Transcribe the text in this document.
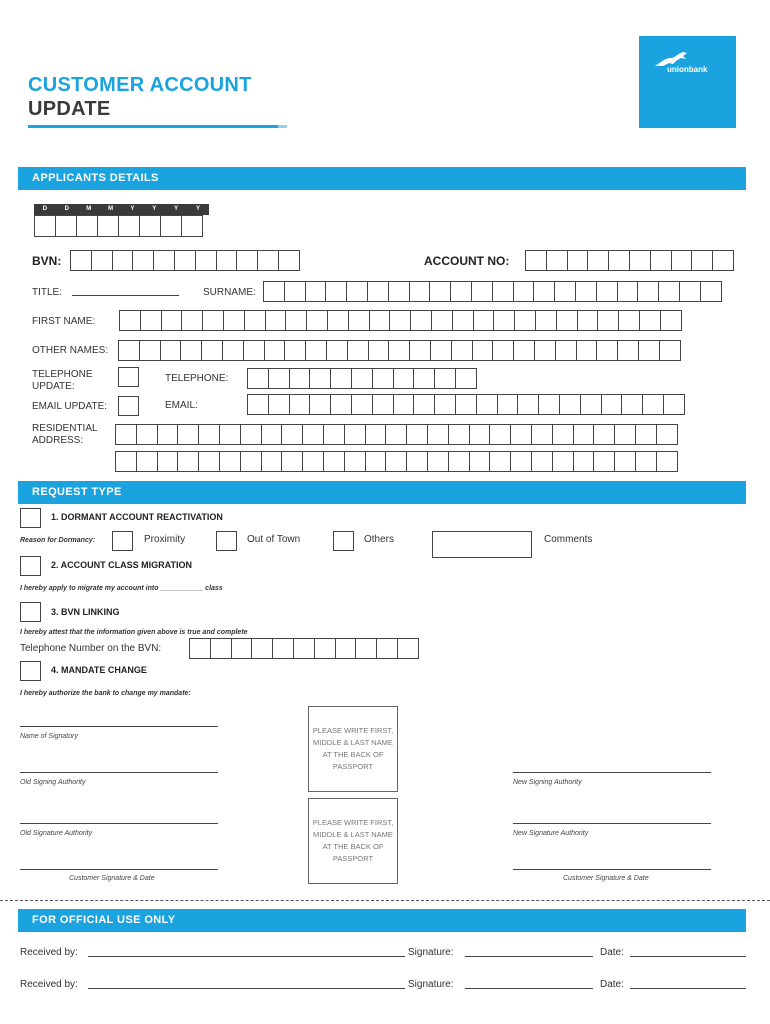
CUSTOMER ACCOUNT
UPDATE
unionbank
APPLICANTS DETAILS
D	D	M	M	Y	Y	Y	Y
BVN:	ACCOUNT NO:
TITLE:	SURNAME:
FIRST NAME:
OTHER NAMES:
TELEPHONE UPDATE:
TELEPHONE:
EMAIL UPDATE:	EMAIL:
RESIDENTIAL ADDRESS:
REQUEST TYPE
1. DORMANT ACCOUNT REACTIVATION
Reason for Dormancy:	Proximity	Out of Town	Others	Comments
2. ACCOUNT CLASS MIGRATION
I hereby apply to migrate my account into ___________ class
3. BVN LINKING
I hereby attest that the information given above is true and complete
Telephone Number on the BVN:
4. MANDATE CHANGE
I hereby authorize the bank to change my mandate:
Name of Signatory
PLEASE WRITE FIRST, MIDDLE & LAST NAME AT THE BACK OF PASSPORT
Old Signing Authority	New Signing Authority
PLEASE WRITE FIRST, MIDDLE & LAST NAME AT THE BACK OF PASSPORT
Old Signature Authority	New Signature Authority
Customer Signature & Date	Customer Signature & Date
FOR OFFICIAL USE ONLY
Received by:	Signature:	Date:
Received by:	Signature:	Date:
